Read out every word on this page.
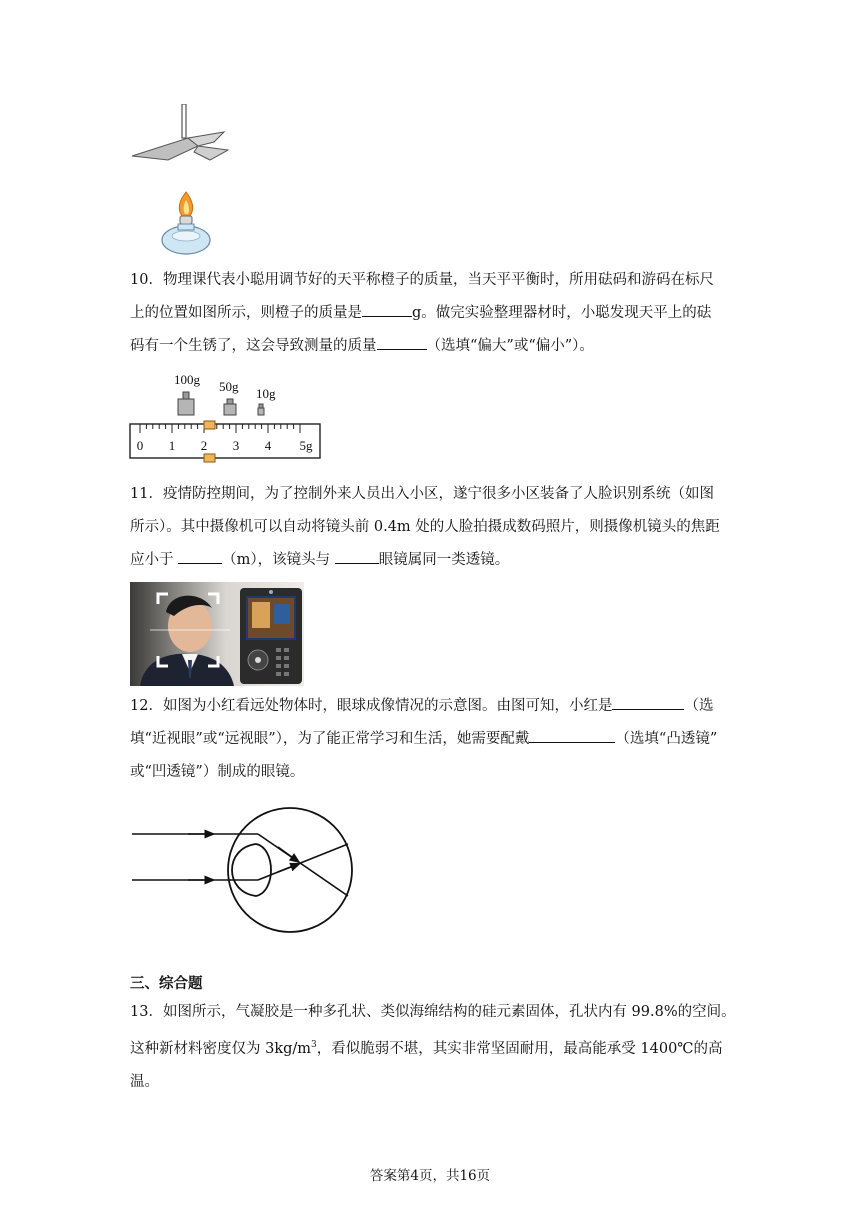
10．物理课代表小聪用调节好的天平称橙子的质量，当天平平衡时，所用砝码和游码在标尺

上的位置如图所示，则橙子的质量是	g。做完实验整理器材时，小聪发现天平上的砝

码有一个生锈了，这会导致测量的质量	（选填“偏大”或“偏小”）。

100g 50g 10g
0 1 2 3 4 5g

11．疫情防控期间，为了控制外来人员出入小区，遂宁很多小区装备了人脸识别系统（如图

所示）。其中摄像机可以自动将镜头前 0.4m 处的人脸拍摄成数码照片，则摄像机镜头的焦距

应小于	（m），该镜头与	眼镜属同一类透镜。

12．如图为小红看远处物体时，眼球成像情况的示意图。由图可知，小红是	（选

填“近视眼”或“远视眼”），为了能正常学习和生活，她需要配戴	（选填“凸透镜”

或“凹透镜”）制成的眼镜。

三、综合题

13．如图所示，气凝胶是一种多孔状、类似海绵结构的硅元素固体，孔状内有 99.8%的空间。

这种新材料密度仅为 $3kg/m^3$，看似脆弱不堪，其实非常坚固耐用，最高能承受 1400℃的高

温。

答案第4页，共16页
